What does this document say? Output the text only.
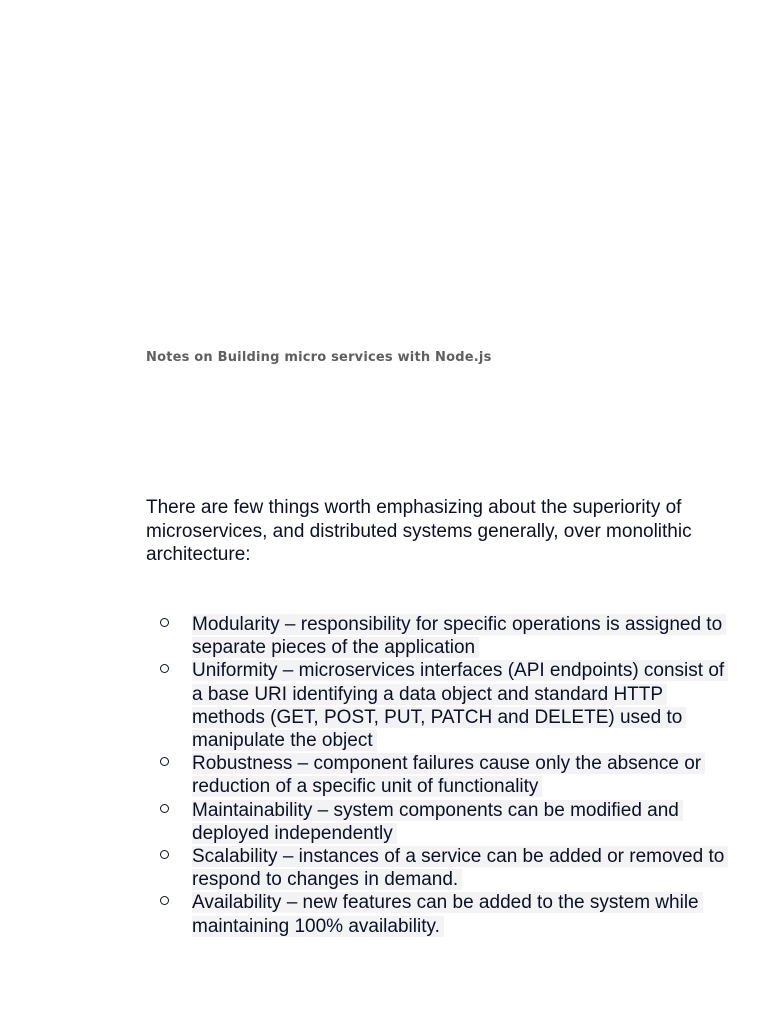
Notes on Building micro services with Node.js

There are few things worth emphasizing about the superiority of microservices, and distributed systems generally, over monolithic architecture:

Modularity – responsibility for specific operations is assigned to separate pieces of the application
Uniformity – microservices interfaces (API endpoints) consist of a base URI identifying a data object and standard HTTP methods (GET, POST, PUT, PATCH and DELETE) used to manipulate the object
Robustness – component failures cause only the absence or reduction of a specific unit of functionality
Maintainability – system components can be modified and deployed independently
Scalability – instances of a service can be added or removed to respond to changes in demand.
Availability – new features can be added to the system while maintaining 100% availability.
